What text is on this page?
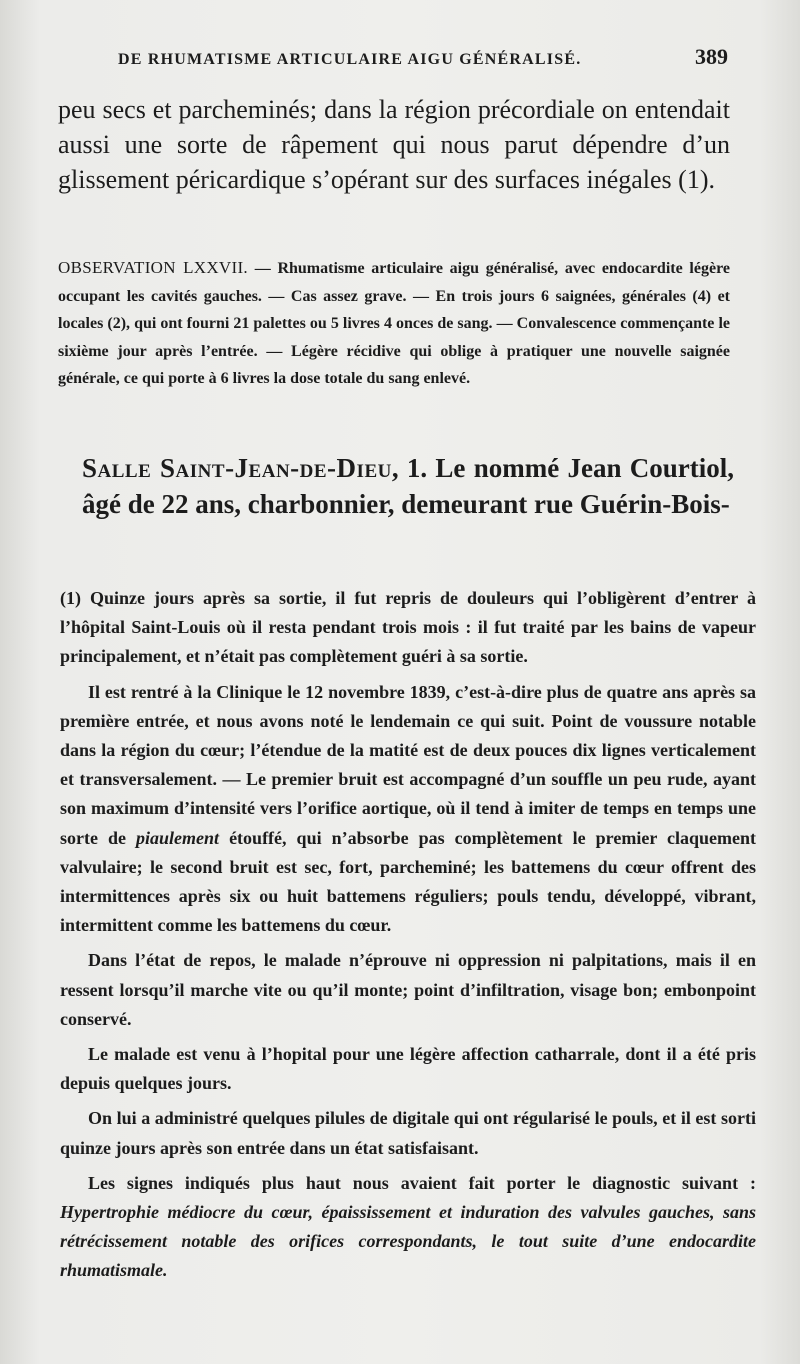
DE RHUMATISME ARTICULAIRE AIGU GÉNÉRALISÉ.	389

peu secs et parcheminés; dans la région précordiale on entendait aussi une sorte de râpement qui nous parut dépendre d’un glissement péricardique s’opérant sur des surfaces inégales (1).

OBSERVATION LXXVII. — Rhumatisme articulaire aigu généralisé, avec endocardite légère occupant les cavités gauches. — Cas assez grave. — En trois jours 6 saignées, générales (4) et locales (2), qui ont fourni 21 palettes ou 5 livres 4 onces de sang. — Convalescence commençante le sixième jour après l’entrée. — Légère récidive qui oblige à pratiquer une nouvelle saignée générale, ce qui porte à 6 livres la dose totale du sang enlevé.

Salle Saint-Jean-de-Dieu, 1. Le nommé Jean Courtiol, âgé de 22 ans, charbonnier, demeurant rue Guérin-Bois-

(1) Quinze jours après sa sortie, il fut repris de douleurs qui l’obligèrent d’entrer à l’hôpital Saint-Louis où il resta pendant trois mois : il fut traité par les bains de vapeur principalement, et n’était pas complètement guéri à sa sortie.

Il est rentré à la Clinique le 12 novembre 1839, c’est-à-dire plus de quatre ans après sa première entrée, et nous avons noté le lendemain ce qui suit. Point de voussure notable dans la région du cœur; l’étendue de la matité est de deux pouces dix lignes verticalement et transversalement. — Le premier bruit est accompagné d’un souffle un peu rude, ayant son maximum d’intensité vers l’orifice aortique, où il tend à imiter de temps en temps une sorte de piaulement étouffé, qui n’absorbe pas complètement le premier claquement valvulaire; le second bruit est sec, fort, parcheminé; les battemens du cœur offrent des intermittences après six ou huit battemens réguliers; pouls tendu, développé, vibrant, intermittent comme les battemens du cœur.

Dans l’état de repos, le malade n’éprouve ni oppression ni palpitations, mais il en ressent lorsqu’il marche vite ou qu’il monte; point d’infiltration, visage bon; embonpoint conservé.

Le malade est venu à l’hopital pour une légère affection catharrale, dont il a été pris depuis quelques jours.

On lui a administré quelques pilules de digitale qui ont régularisé le pouls, et il est sorti quinze jours après son entrée dans un état satisfaisant.

Les signes indiqués plus haut nous avaient fait porter le diagnostic suivant : Hypertrophie médiocre du cœur, épaississement et induration des valvules gauches, sans rétrécissement notable des orifices correspondants, le tout suite d’une endocardite rhumatismale.
